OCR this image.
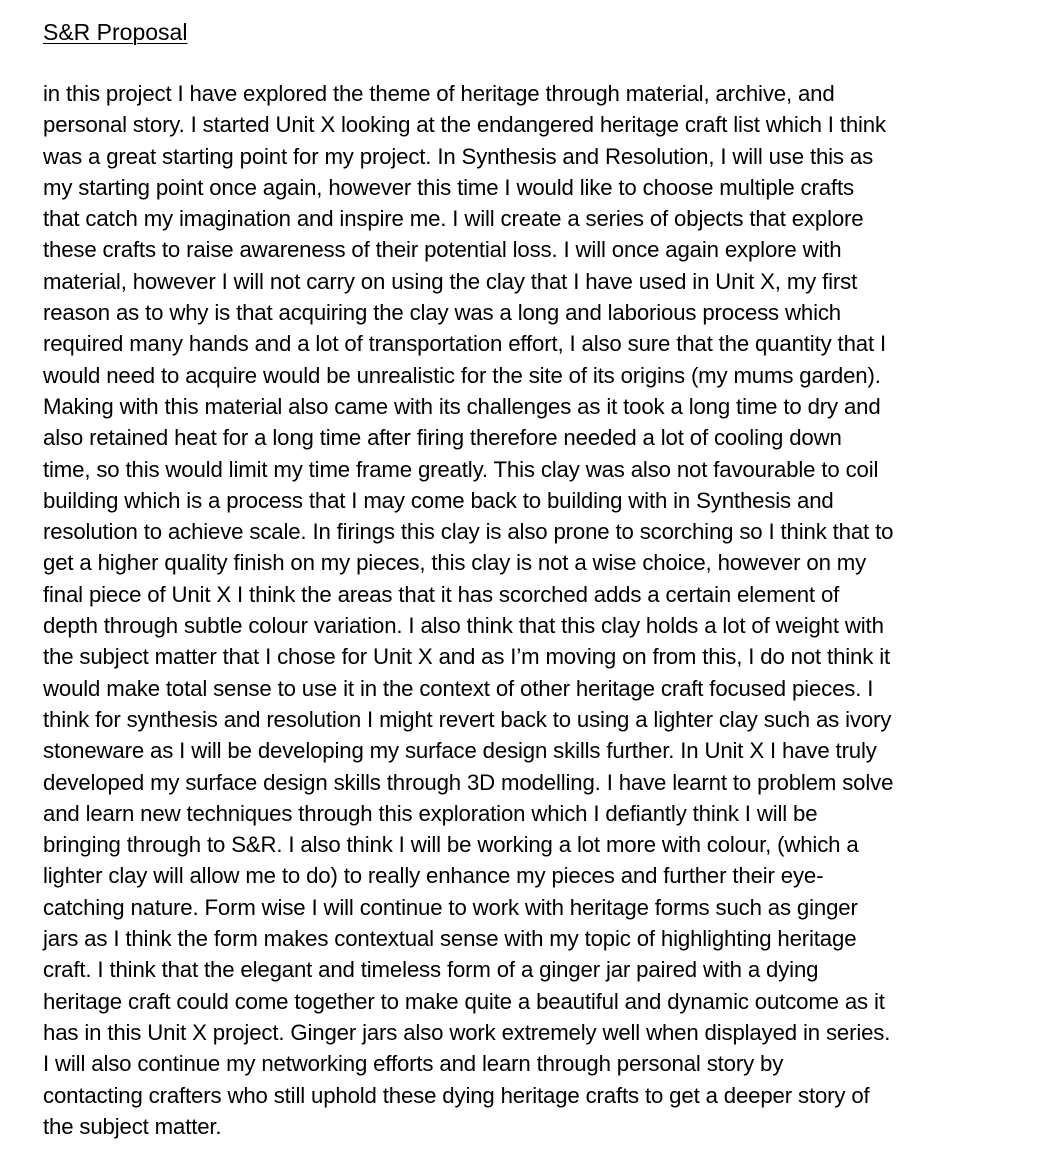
S&R Proposal
in this project I have explored the theme of heritage through material, archive, and
personal story. I started Unit X looking at the endangered heritage craft list which I think
was a great starting point for my project. In Synthesis and Resolution, I will use this as
my starting point once again, however this time I would like to choose multiple crafts
that catch my imagination and inspire me. I will create a series of objects that explore
these crafts to raise awareness of their potential loss. I will once again explore with
material, however I will not carry on using the clay that I have used in Unit X, my first
reason as to why is that acquiring the clay was a long and laborious process which
required many hands and a lot of transportation effort, I also sure that the quantity that I
would need to acquire would be unrealistic for the site of its origins (my mums garden).
Making with this material also came with its challenges as it took a long time to dry and
also retained heat for a long time after firing therefore needed a lot of cooling down
time, so this would limit my time frame greatly. This clay was also not favourable to coil
building which is a process that I may come back to building with in Synthesis and
resolution to achieve scale. In firings this clay is also prone to scorching so I think that to
get a higher quality finish on my pieces, this clay is not a wise choice, however on my
final piece of Unit X I think the areas that it has scorched adds a certain element of
depth through subtle colour variation. I also think that this clay holds a lot of weight with
the subject matter that I chose for Unit X and as I’m moving on from this, I do not think it
would make total sense to use it in the context of other heritage craft focused pieces. I
think for synthesis and resolution I might revert back to using a lighter clay such as ivory
stoneware as I will be developing my surface design skills further. In Unit X I have truly
developed my surface design skills through 3D modelling. I have learnt to problem solve
and learn new techniques through this exploration which I defiantly think I will be
bringing through to S&R. I also think I will be working a lot more with colour, (which a
lighter clay will allow me to do) to really enhance my pieces and further their eye-
catching nature. Form wise I will continue to work with heritage forms such as ginger
jars as I think the form makes contextual sense with my topic of highlighting heritage
craft. I think that the elegant and timeless form of a ginger jar paired with a dying
heritage craft could come together to make quite a beautiful and dynamic outcome as it
has in this Unit X project. Ginger jars also work extremely well when displayed in series.
I will also continue my networking efforts and learn through personal story by
contacting crafters who still uphold these dying heritage crafts to get a deeper story of
the subject matter.
